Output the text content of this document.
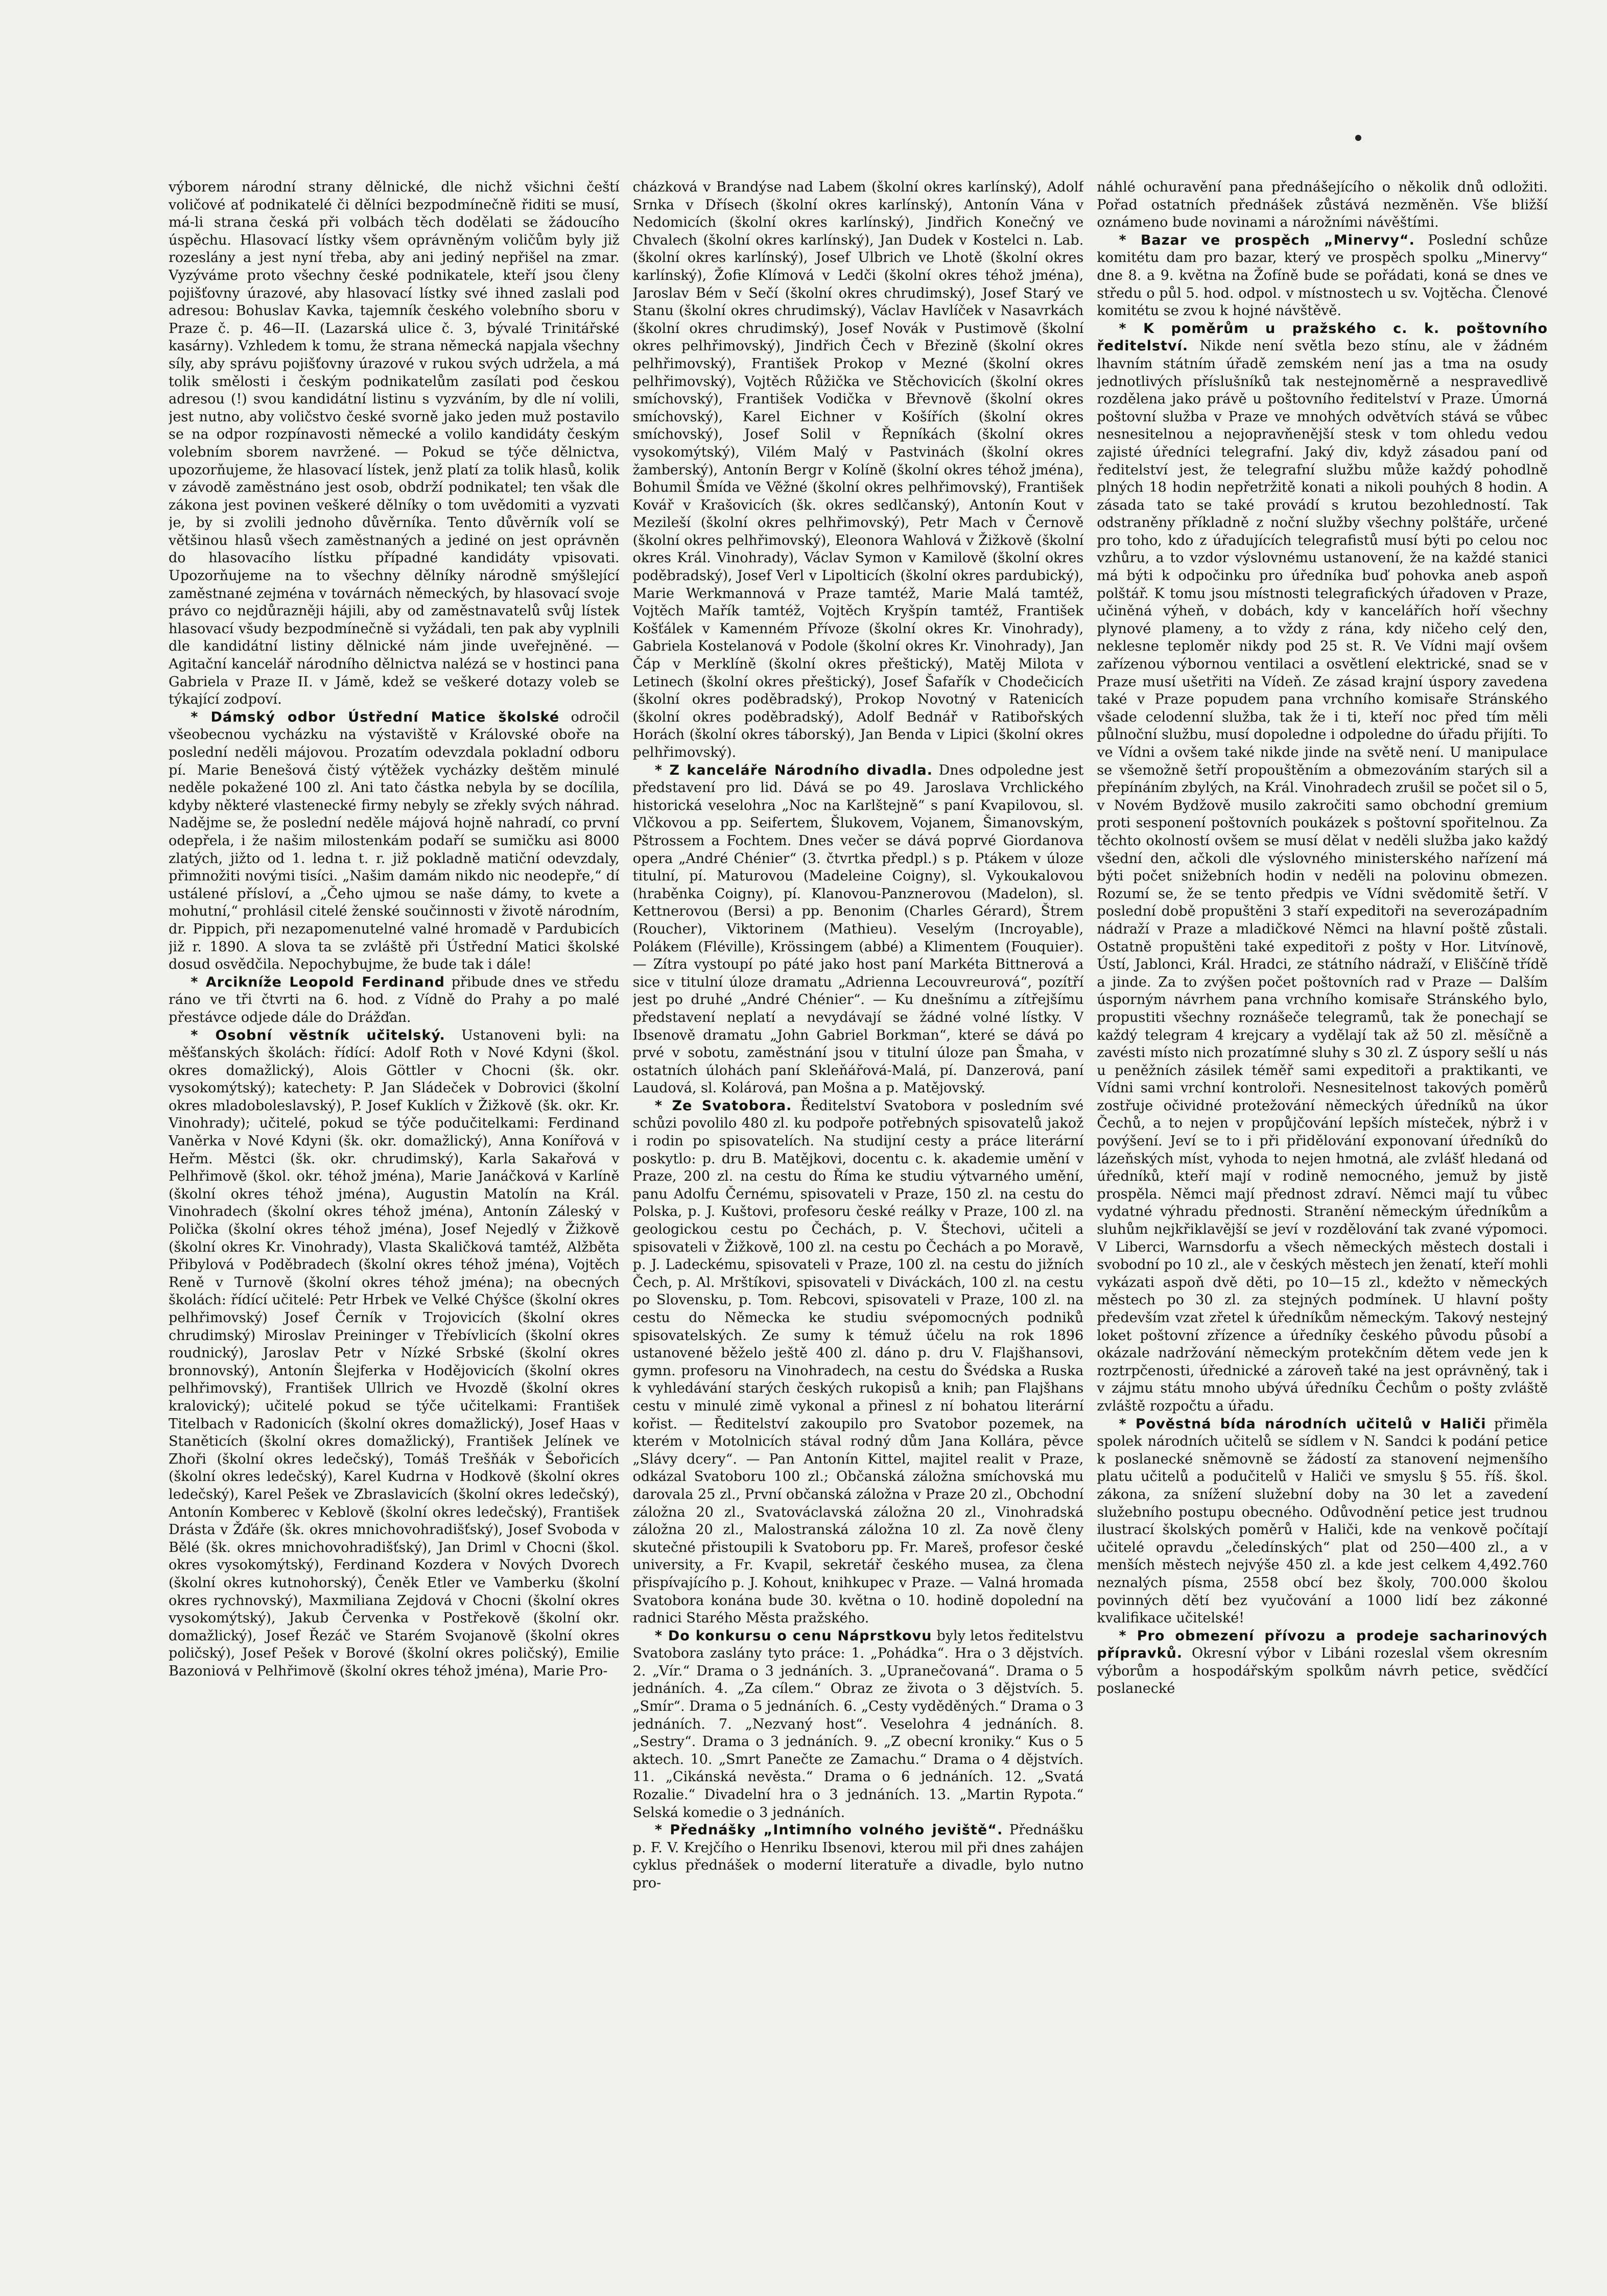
výborem národní strany dělnické, dle nichž všichni čeští voličové ať podnikatelé či dělníci bezpodmínečně řiditi se musí, má-li strana česká při volbách těch dodělati se žádoucího úspěchu. Hlasovací lístky všem oprávněným voličům byly již rozeslány a jest nyní třeba, aby ani jediný nepřišel na zmar. Vyzýváme proto všechny české podnikatele, kteří jsou členy pojišťovny úrazové, aby hlasovací lístky své ihned zaslali pod adresou: Bohuslav Kavka, tajemník českého volebního sboru v Praze č. p. 46—II. (Lazarská ulice č. 3, bývalé Trinitářské kasárny). Vzhledem k tomu, že strana německá napjala všechny síly, aby správu pojišťovny úrazové v rukou svých udržela, a má tolik smělosti i českým podnikatelům zasílati pod českou adresou (!) svou kandidátní listinu s vyzváním, by dle ní volili, jest nutno, aby voličstvo české svorně jako jeden muž postavilo se na odpor rozpínavosti německé a volilo kandidáty českým volebním sborem navržené. — Pokud se týče dělnictva, upozorňujeme, že hlasovací lístek, jenž platí za tolik hlasů, kolik v závodě zaměstnáno jest osob, obdrží podnikatel; ten však dle zákona jest povinen veškeré dělníky o tom uvědomiti a vyzvati je, by si zvolili jednoho důvěrníka. Tento důvěrník volí se většinou hlasů všech zaměstnaných a jediné on jest oprávněn do hlasovacího lístku případné kandidáty vpisovati. Upozorňujeme na to všechny dělníky národně smýšlející zaměstnané zejména v továrnách německých, by hlasovací svoje právo co nejdůrazněji hájili, aby od zaměstnavatelů svůj lístek hlasovací všudy bezpodmínečně si vyžádali, ten pak aby vyplnili dle kandidátní listiny dělnické nám jinde uveřejněné. — Agitační kancelář národního dělnictva nalézá se v hostinci pana Gabriela v Praze II. v Jámě, kdež se veškeré dotazy voleb se týkající zodpoví.

* Dámský odbor Ústřední Matice školské odročil všeobecnou vycházku na výstaviště v Královské oboře na poslední neděli májovou. Prozatím odevzdala pokladní odboru pí. Marie Benešová čistý výtěžek vycházky deštěm minulé neděle pokažené 100 zl. Ani tato částka nebyla by se docílila, kdyby některé vlastenecké firmy nebyly se zřekly svých náhrad. Nadějme se, že poslední neděle májová hojně nahradí, co první odepřela, i že našim milostenkám podaří se sumičku asi 8000 zlatých, jižto od 1. ledna t. r. již pokladně matiční odevzdaly, přimnožiti novými tisíci. „Našim damám nikdo nic neodepře,“ dí ustálené přísloví, a „Čeho ujmou se naše dámy, to kvete a mohutní,“ prohlásil citelé ženské součinnosti v životě národním, dr. Pippich, při nezapomenutelné valné hromadě v Pardubicích již r. 1890. A slova ta se zvláště při Ústřední Matici školské dosud osvědčila. Nepochybujme, že bude tak i dále!

* Arcikníže Leopold Ferdinand přibude dnes ve středu ráno ve tři čtvrti na 6. hod. z Vídně do Prahy a po malé přestávce odjede dále do Drážďan.

* Osobní věstník učitelský. Ustanoveni byli: na měšťanských školách: řídící: Adolf Roth v Nové Kdyni (škol. okres domažlický), Alois Göttler v Chocni (šk. okr. vysokomýtský); katechety: P. Jan Sládeček v Dobrovici (školní okres mladoboleslavský), P. Josef Kuklích v Žižkově (šk. okr. Kr. Vinohrady); učitelé, pokud se týče podučitelkami: Ferdinand Vaněrka v Nové Kdyni (šk. okr. domažlický), Anna Konířová v Heřm. Městci (šk. okr. chrudimský), Karla Sakařová v Pelhřimově (škol. okr. téhož jména), Marie Janáčková v Karlíně (školní okres téhož jména), Augustin Matolín na Král. Vinohradech (školní okres téhož jména), Antonín Záleský v Polička (školní okres téhož jména), Josef Nejedlý v Žižkově (školní okres Kr. Vinohrady), Vlasta Skaličková tamtéž, Alžběta Přibylová v Poděbradech (školní okres téhož jména), Vojtěch Reně v Turnově (školní okres téhož jména); na obecných školách: řídící učitelé: Petr Hrbek ve Velké Chýšce (školní okres pelhřimovský) Josef Černík v Trojovicích (školní okres chrudimský) Miroslav Preininger v Třebívlicích (školní okres roudnický), Jaroslav Petr v Nízké Srbské (školní okres bronnovský), Antonín Šlejferka v Hodějovicích (školní okres pelhřimovský), František Ullrich ve Hvozdě (školní okres kralovický); učitelé pokud se týče učitelkami: František Titelbach v Radonicích (školní okres domažlický), Josef Haas v Staněticích (školní okres domažlický), František Jelínek ve Zhoři (školní okres ledečský), Tomáš Trešňák v Šebořicích (školní okres ledečský), Karel Kudrna v Hodkově (školní okres ledečský), Karel Pešek ve Zbraslavicích (školní okres ledečský), Antonín Komberec v Keblově (školní okres ledečský), František Drásta v Žďáře (šk. okres mnichovohradišťský), Josef Svoboda v Bělé (šk. okres mnichovohradišťský), Jan Driml v Chocni (škol. okres vysokomýtský), Ferdinand Kozdera v Nových Dvorech (školní okres kutnohorský), Čeněk Etler ve Vamberku (školní okres rychnovský), Maxmiliana Zejdová v Chocni (školní okres vysokomýtský), Jakub Červenka v Postřekově (školní okr. domažlický), Josef Řezáč ve Starém Svojanově (školní okres poličský), Josef Pešek v Borové (školní okres poličský), Emilie Bazoniová v Pelhřimově (školní okres téhož jména), Marie Pro-

cházková v Brandýse nad Labem (školní okres karlínský), Adolf Srnka v Dřísech (školní okres karlínský), Antonín Vána v Nedomicích (školní okres karlínský), Jindřich Konečný ve Chvalech (školní okres karlínský), Jan Dudek v Kostelci n. Lab. (školní okres karlínský), Josef Ulbrich ve Lhotě (školní okres karlínský), Žofie Klímová v Ledči (školní okres téhož jména), Jaroslav Bém v Sečí (školní okres chrudimský), Josef Starý ve Stanu (školní okres chrudimský), Václav Havlíček v Nasavrkách (školní okres chrudimský), Josef Novák v Pustimově (školní okres pelhřimovský), Jindřich Čech v Březině (školní okres pelhřimovský), František Prokop v Mezné (školní okres pelhřimovský), Vojtěch Růžička ve Stěchovicích (školní okres smíchovský), František Vodička v Břevnově (školní okres smíchovský), Karel Eichner v Košířích (školní okres smíchovský), Josef Solil v Řepníkách (školní okres vysokomýtský), Vilém Malý v Pastvinách (školní okres žamberský), Antonín Bergr v Kolíně (školní okres téhož jména), Bohumil Šmída ve Věžné (školní okres pelhřimovský), František Kovář v Krašovicích (šk. okres sedlčanský), Antonín Kout v Mezileší (školní okres pelhřimovský), Petr Mach v Černově (školní okres pelhřimovský), Eleonora Wahlová v Žižkově (školní okres Král. Vinohrady), Václav Symon v Kamilově (školní okres poděbradský), Josef Verl v Lipolticích (školní okres pardubický), Marie Werkmannová v Praze tamtéž, Marie Malá tamtéž, Vojtěch Mařík tamtéž, Vojtěch Kryšpín tamtéž, František Košťálek v Kamenném Přívoze (školní okres Kr. Vinohrady), Gabriela Kostelanová v Podole (školní okres Kr. Vinohrady), Jan Čáp v Merklíně (školní okres přeštický), Matěj Milota v Letinech (školní okres přeštický), Josef Šafařík v Chodečicích (školní okres poděbradský), Prokop Novotný v Ratenicích (školní okres poděbradský), Adolf Bednář v Ratibořských Horách (školní okres táborský), Jan Benda v Lipici (školní okres pelhřimovský).

* Z kanceláře Národního divadla. Dnes odpoledne jest představení pro lid. Dává se po 49. Jaroslava Vrchlického historická veselohra „Noc na Karlštejně“ s paní Kvapilovou, sl. Vlčkovou a pp. Seifertem, Šlukovem, Vojanem, Šimanovským, Pštrossem a Fochtem. Dnes večer se dává poprvé Giordanova opera „André Chénier“ (3. čtvrtka předpl.) s p. Ptákem v úloze titulní, pí. Maturovou (Madeleine Coigny), sl. Vykoukalovou (hraběnka Coigny), pí. Klanovou-Panznerovou (Madelon), sl. Kettnerovou (Bersi) a pp. Benonim (Charles Gérard), Štrem (Roucher), Viktorinem (Mathieu). Veselým (Incroyable), Polákem (Fléville), Krössingem (abbé) a Klimentem (Fouquier). — Zítra vystoupí po páté jako host paní Markéta Bittnerová a sice v titulní úloze dramatu „Adrienna Lecouvreurová“, pozítří jest po druhé „André Chénier“. — Ku dnešnímu a zítřejšímu představení neplatí a nevydávají se žádné volné lístky. V Ibsenově dramatu „John Gabriel Borkman“, které se dává po prvé v sobotu, zaměstnání jsou v titulní úloze pan Šmaha, v ostatních úlohách paní Skleňářová-Malá, pí. Danzerová, paní Laudová, sl. Kolárová, pan Mošna a p. Matějovský.

* Ze Svatobora. Ředitelství Svatobora v posledním své schůzi povolilo 480 zl. ku podpoře potřebných spisovatelů jakož i rodin po spisovatelích. Na studijní cesty a práce literární poskytlo: p. dru B. Matějkovi, docentu c. k. akademie umění v Praze, 200 zl. na cestu do Říma ke studiu výtvarného umění, panu Adolfu Černému, spisovateli v Praze, 150 zl. na cestu do Polska, p. J. Kuštovi, profesoru české reálky v Praze, 100 zl. na geologickou cestu po Čechách, p. V. Štechovi, učiteli a spisovateli v Žižkově, 100 zl. na cestu po Čechách a po Moravě, p. J. Ladeckému, spisovateli v Praze, 100 zl. na cestu do jižních Čech, p. Al. Mrštíkovi, spisovateli v Diváckách, 100 zl. na cestu po Slovensku, p. Tom. Rebcovi, spisovateli v Praze, 100 zl. na cestu do Německa ke studiu svépomocných podniků spisovatelských. Ze sumy k témuž účelu na rok 1896 ustanovené běželo ještě 400 zl. dáno p. dru V. Flajšhansovi, gymn. profesoru na Vinohradech, na cestu do Švédska a Ruska k vyhledávání starých českých rukopisů a knih; pan Flajšhans cestu v minulé zimě vykonal a přinesl z ní bohatou literární kořist. — Ředitelství zakoupilo pro Svatobor pozemek, na kterém v Motolnicích stával rodný dům Jana Kollára, pěvce „Slávy dcery“. — Pan Antonín Kittel, majitel realit v Praze, odkázal Svatoboru 100 zl.; Občanská záložna smíchovská mu darovala 25 zl., První občanská záložna v Praze 20 zl., Obchodní záložna 20 zl., Svatováclavská záložna 20 zl., Vinohradská záložna 20 zl., Malostranská záložna 10 zl. Za nově členy skutečné přistoupili k Svatoboru pp. Fr. Mareš, profesor české university, a Fr. Kvapil, sekretář českého musea, za člena přispívajícího p. J. Kohout, knihkupec v Praze. — Valná hromada Svatobora konána bude 30. května o 10. hodině dopolední na radnici Starého Města pražského.

* Do konkursu o cenu Náprstkovu byly letos ředitelstvu Svatobora zaslány tyto práce: 1. „Pohádka“. Hra o 3 dějstvích. 2. „Vír.“ Drama o 3 jednáních. 3. „Upranečovaná“. Drama o 5 jednáních. 4. „Za cílem.“ Obraz ze života o 3 dějstvích. 5. „Smír“. Drama o 5 jednáních. 6. „Cesty vyděděných.“ Drama o 3 jednáních. 7. „Nezvaný host“. Veselohra 4 jednáních. 8. „Sestry“. Drama o 3 jednáních. 9. „Z obecní kroniky.“ Kus o 5 aktech. 10. „Smrt Panečte ze Zamachu.“ Drama o 4 dějstvích. 11. „Cikánská nevěsta.“ Drama o 6 jednáních. 12. „Svatá Rozalie.“ Divadelní hra o 3 jednáních. 13. „Martin Rypota.“ Selská komedie o 3 jednáních.

* Přednášky „Intimního volného jeviště“. Přednášku p. F. V. Krejčího o Henriku Ibsenovi, kterou mil při dnes zahájen cyklus přednášek o moderní literatuře a divadle, bylo nutno pro-

náhlé ochuravění pana přednášejícího o několik dnů odložiti. Pořad ostatních přednášek zůstává nezměněn. Vše bližší oznámeno bude novinami a nárožními návěštími.

* Bazar ve prospěch „Minervy“. Poslední schůze komitétu dam pro bazar, který ve prospěch spolku „Minervy“ dne 8. a 9. května na Žofíně bude se pořádati, koná se dnes ve středu o půl 5. hod. odpol. v místnostech u sv. Vojtěcha. Členové komitétu se zvou k hojné návštěvě.

* K poměrům u pražského c. k. poštovního ředitelství. Nikde není světla bezo stínu, ale v žádném lhavním státním úřadě zemském není jas a tma na osudy jednotlivých příslušníků tak nestejnoměrně a nespravedlivě rozdělena jako právě u poštovního ředitelství v Praze. Úmorná poštovní služba v Praze ve mnohých odvětvích stává se vůbec nesnesitelnou a nejopravňenější stesk v tom ohledu vedou zajisté úředníci telegrafní. Jaký div, když zásadou paní od ředitelství jest, že telegrafní službu může každý pohodlně plných 18 hodin nepřetržitě konati a nikoli pouhých 8 hodin. A zásada tato se také provádí s krutou bezohledností. Tak odstraněny příkladně z noční služby všechny polštáře, určené pro toho, kdo z úřadujících telegrafistů musí býti po celou noc vzhůru, a to vzdor výslovnému ustanovení, že na každé stanici má býti k odpočinku pro úředníka buď pohovka aneb aspoň polštář. K tomu jsou místnosti telegrafických úřadoven v Praze, učiněná výheň, v dobách, kdy v kancelářích hoří všechny plynové plameny, a to vždy z rána, kdy ničeho celý den, neklesne teploměr nikdy pod 25 st. R. Ve Vídni mají ovšem zařízenou výbornou ventilaci a osvětlení elektrické, snad se v Praze musí ušetřiti na Vídeň. Ze zásad krajní úspory zavedena také v Praze popudem pana vrchního komisaře Stránského všade celodenní služba, tak že i ti, kteří noc před tím měli půlnoční službu, musí dopoledne i odpoledne do úřadu přijíti. To ve Vídni a ovšem také nikde jinde na světě není. U manipulace se všemožně šetří propouštěním a obmezováním starých sil a přepínáním zbylých, na Král. Vinohradech zrušil se počet sil o 5, v Novém Bydžově musilo zakročiti samo obchodní gremium proti sesponení poštovních poukázek s poštovní spořitelnou. Za těchto okolností ovšem se musí dělat v neděli služba jako každý všední den, ačkoli dle výslovného ministerského nařízení má býti počet snižebních hodin v neděli na polovinu obmezen. Rozumí se, že se tento předpis ve Vídni svědomitě šetří. V poslední době propuštěni 3 staří expeditoři na severozápadním nádraží v Praze a mladičkové Němci na hlavní poště zůstali. Ostatně propuštěni také expeditoři z pošty v Hor. Litvínově, Ústí, Jablonci, Král. Hradci, ze státního nádraží, v Eliščíně třídě a jinde. Za to zvýšen počet poštovních rad v Praze — Dalším úsporným návrhem pana vrchního komisaře Stránského bylo, propustiti všechny roznášeče telegramů, tak že ponechají se každý telegram 4 krejcary a vydělají tak až 50 zl. měsíčně a zavésti místo nich prozatímné sluhy s 30 zl. Z úspory sešlí u nás u peněžních zásilek téměř sami expeditoři a praktikanti, ve Vídni sami vrchní kontroloři. Nesnesitelnost takových poměrů zostřuje očividné protežování německých úředníků na úkor Čechů, a to nejen v propůjčování lepších místeček, nýbrž i v povýšení. Jeví se to i při přidělování exponovaní úředníků do lázeňských míst, vyhoda to nejen hmotná, ale zvlášť hledaná od úředníků, kteří mají v rodině nemocného, jemuž by jistě prospěla. Němci mají přednost zdraví. Němci mají tu vůbec vydatné výhradu přednosti. Stranění německým úředníkům a sluhům nejkřiklavější se jeví v rozdělování tak zvané výpomoci. V Liberci, Warnsdorfu a všech německých městech dostali i svobodní po 10 zl., ale v českých městech jen ženatí, kteří mohli vykázati aspoň dvě děti, po 10—15 zl., kdežto v německých městech po 30 zl. za stejných podmínek. U hlavní pošty především vzat zřetel k úředníkům německým. Takový nestejný loket poštovní zřízence a úředníky českého původu působí a okázale nadržování německým protekčním dětem vede jen k roztrpčenosti, úřednické a zároveň také na jest oprávněný, tak i v zájmu státu mnoho ubývá úředníku Čechům o pošty zvláště zvláště rozpočtu a úřadu.

* Pověstná bída národních učitelů v Haliči přiměla spolek národních učitelů se sídlem v N. Sandci k podání petice k poslanecké sněmovně se žádostí za stanovení nejmenšího platu učitelů a podučitelů v Haliči ve smyslu § 55. říš. škol. zákona, za snížení služební doby na 30 let a zavedení služebního postupu obecného. Odůvodnění petice jest trudnou ilustrací školských poměrů v Haliči, kde na venkově počítají učitelé opravdu „čeledínských“ plat od 250—400 zl., a v menších městech nejvýše 450 zl. a kde jest celkem 4,492.760 neznalých písma, 2558 obcí bez školy, 700.000 školou povinných dětí bez vyučování a 1000 lidí bez zákonné kvalifikace učitelské!

* Pro obmezení přívozu a prodeje sacharinových přípravků. Okresní výbor v Libáni rozeslal všem okresním výborům a hospodářským spolkům návrh petice, svědčící poslanecké
